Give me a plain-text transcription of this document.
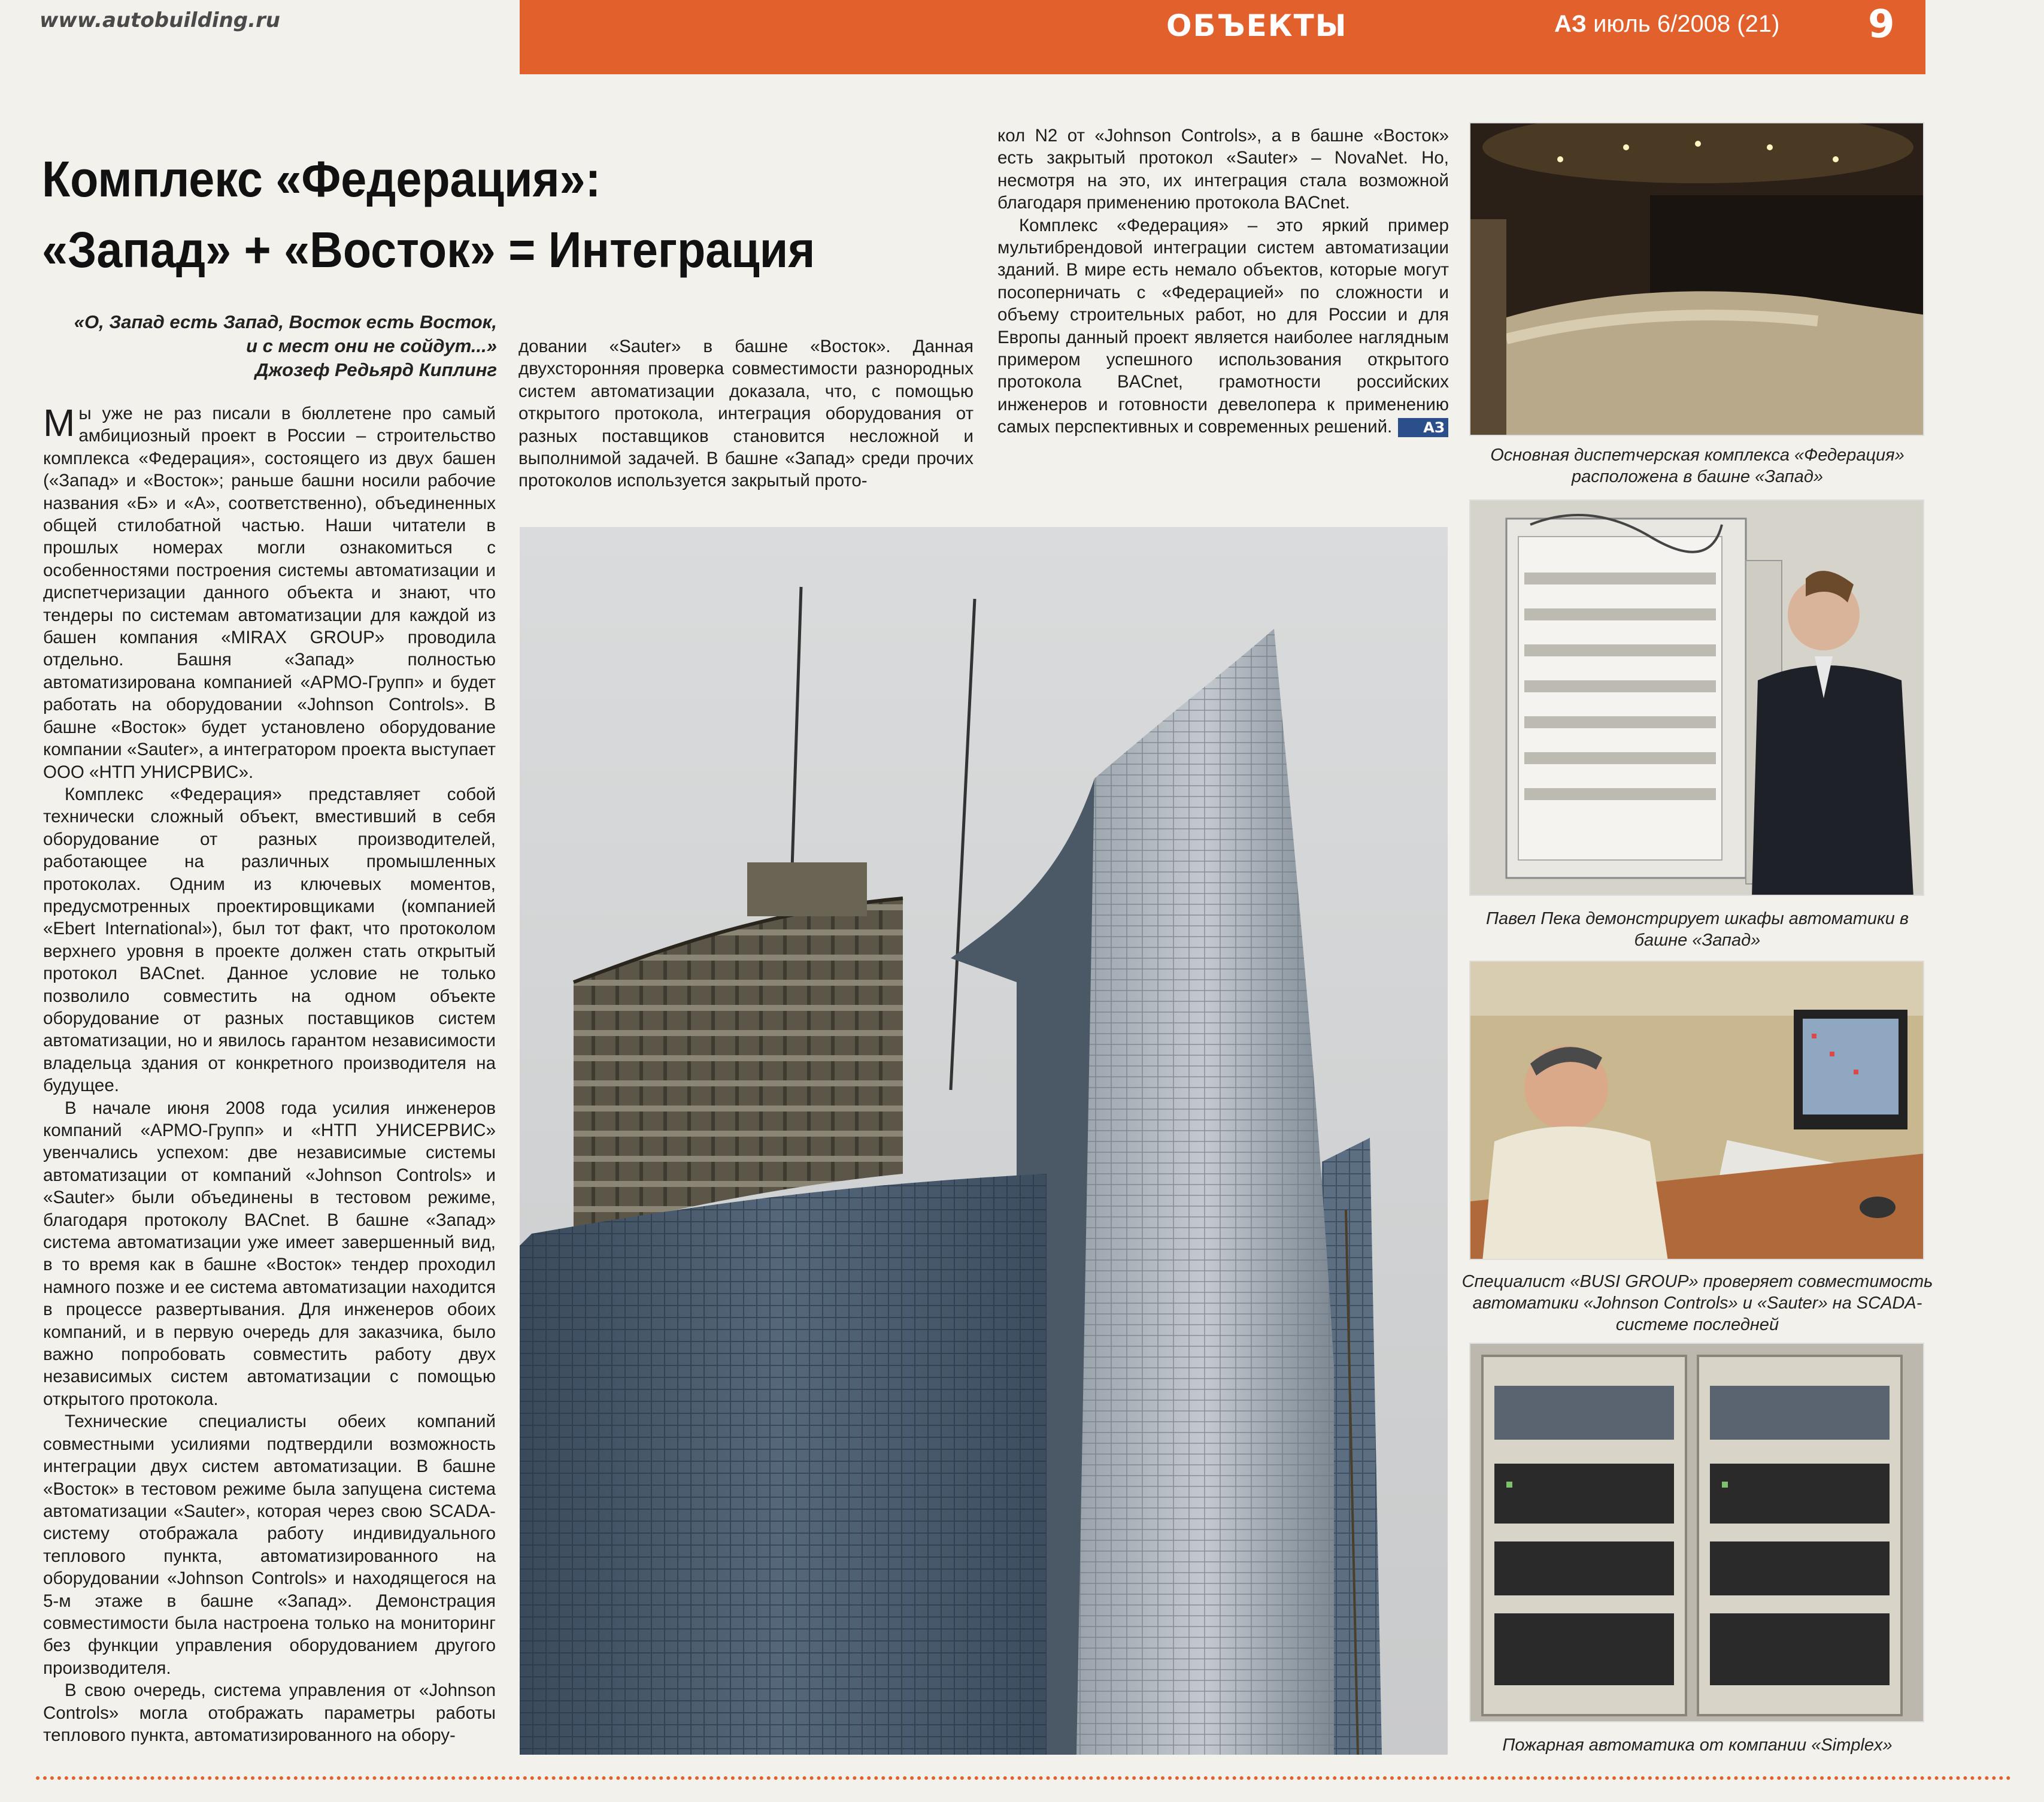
www.autobuilding.ru	ОБЪЕКТЫ	АЗ июль 6/2008 (21) 9
Комплекс «Федерация»:
«Запад» + «Восток» = Интеграция
«О, Запад есть Запад, Восток есть Восток,
и с мест они не сойдут...»
Джозеф Редьярд Киплинг

Мы уже не раз писали в бюллетене про самый амбициозный проект в России – строительство комплекса «Федерация», состоящего из двух башен («Запад» и «Восток»; раньше башни носили рабочие названия «Б» и «А», соответственно), объединенных общей стилобатной частью. Наши читатели в прошлых номерах могли ознакомиться с особенностями построения системы автоматизации и диспетчеризации данного объекта и знают, что тендеры по системам автоматизации для каждой из башен компания «MIRAX GROUP» проводила отдельно. Башня «Запад» полностью автоматизирована компанией «АРМО-Групп» и будет работать на оборудовании «Johnson Controls». В башне «Восток» будет установлено оборудование компании «Sauter», а интегратором проекта выступает ООО «НТП УНИСРВИС».

Комплекс «Федерация» представляет собой технически сложный объект, вместивший в себя оборудование от разных производителей, работающее на различных промышленных протоколах. Одним из ключевых моментов, предусмотренных проектировщиками (компанией «Ebert International»), был тот факт, что протоколом верхнего уровня в проекте должен стать открытый протокол BACnet. Данное условие не только позволило совместить на одном объекте оборудование от разных поставщиков систем автоматизации, но и явилось гарантом независимости владельца здания от конкретного производителя на будущее.

В начале июня 2008 года усилия инженеров компаний «АРМО-Групп» и «НТП УНИСЕРВИС» увенчались успехом: две независимые системы автоматизации от компаний «Johnson Controls» и «Sauter» были объединены в тестовом режиме, благодаря протоколу BACnet. В башне «Запад» система автоматизации уже имеет завершенный вид, в то время как в башне «Восток» тендер проходил намного позже и ее система автоматизации находится в процессе развертывания. Для инженеров обоих компаний, и в первую очередь для заказчика, было важно попробовать совместить работу двух независимых систем автоматизации с помощью открытого протокола.

Технические специалисты обеих компаний совместными усилиями подтвердили возможность интеграции двух систем автоматизации. В башне «Восток» в тестовом режиме была запущена система автоматизации «Sauter», которая через свою SCADA-систему отображала работу индивидуального теплового пункта, автоматизированного на оборудовании «Johnson Controls» и находящегося на 5-м этаже в башне «Запад». Демонстрация совместимости была настроена только на мониторинг без функции управления оборудованием другого производителя.

В свою очередь, система управления от «Johnson Controls» могла отображать параметры работы теплового пункта, автоматизированного на обору-

довании «Sauter» в башне «Восток». Данная двухсторонняя проверка совместимости разнородных систем автоматизации доказала, что, с помощью открытого протокола, интеграция оборудования от разных поставщиков становится несложной и выполнимой задачей. В башне «Запад» среди прочих протоколов используется закрытый прото-

кол N2 от «Johnson Controls», а в башне «Восток» есть закрытый протокол «Sauter» – NovaNet. Но, несмотря на это, их интеграция стала возможной благодаря применению протокола BACnet.

Комплекс «Федерация» – это яркий пример мультибрендовой интеграции систем автоматизации зданий. В мире есть немало объектов, которые могут посоперничать с «Федерацией» по сложности и объему строительных работ, но для России и для Европы данный проект является наиболее наглядным примером успешного использования открытого протокола BACnet, грамотности российских инженеров и готовности девелопера к применению самых перспективных и современных решений. АЗ

Основная диспетчерская комплекса «Федерация» расположена в башне «Запад»
Павел Пека демонстрирует шкафы автоматики в башне «Запад»
Специалист «BUSI GROUP» проверяет совместимость автоматики «Johnson Controls» и «Sauter» на SCADA-системе последней
Пожарная автоматика от компании «Simplex»
